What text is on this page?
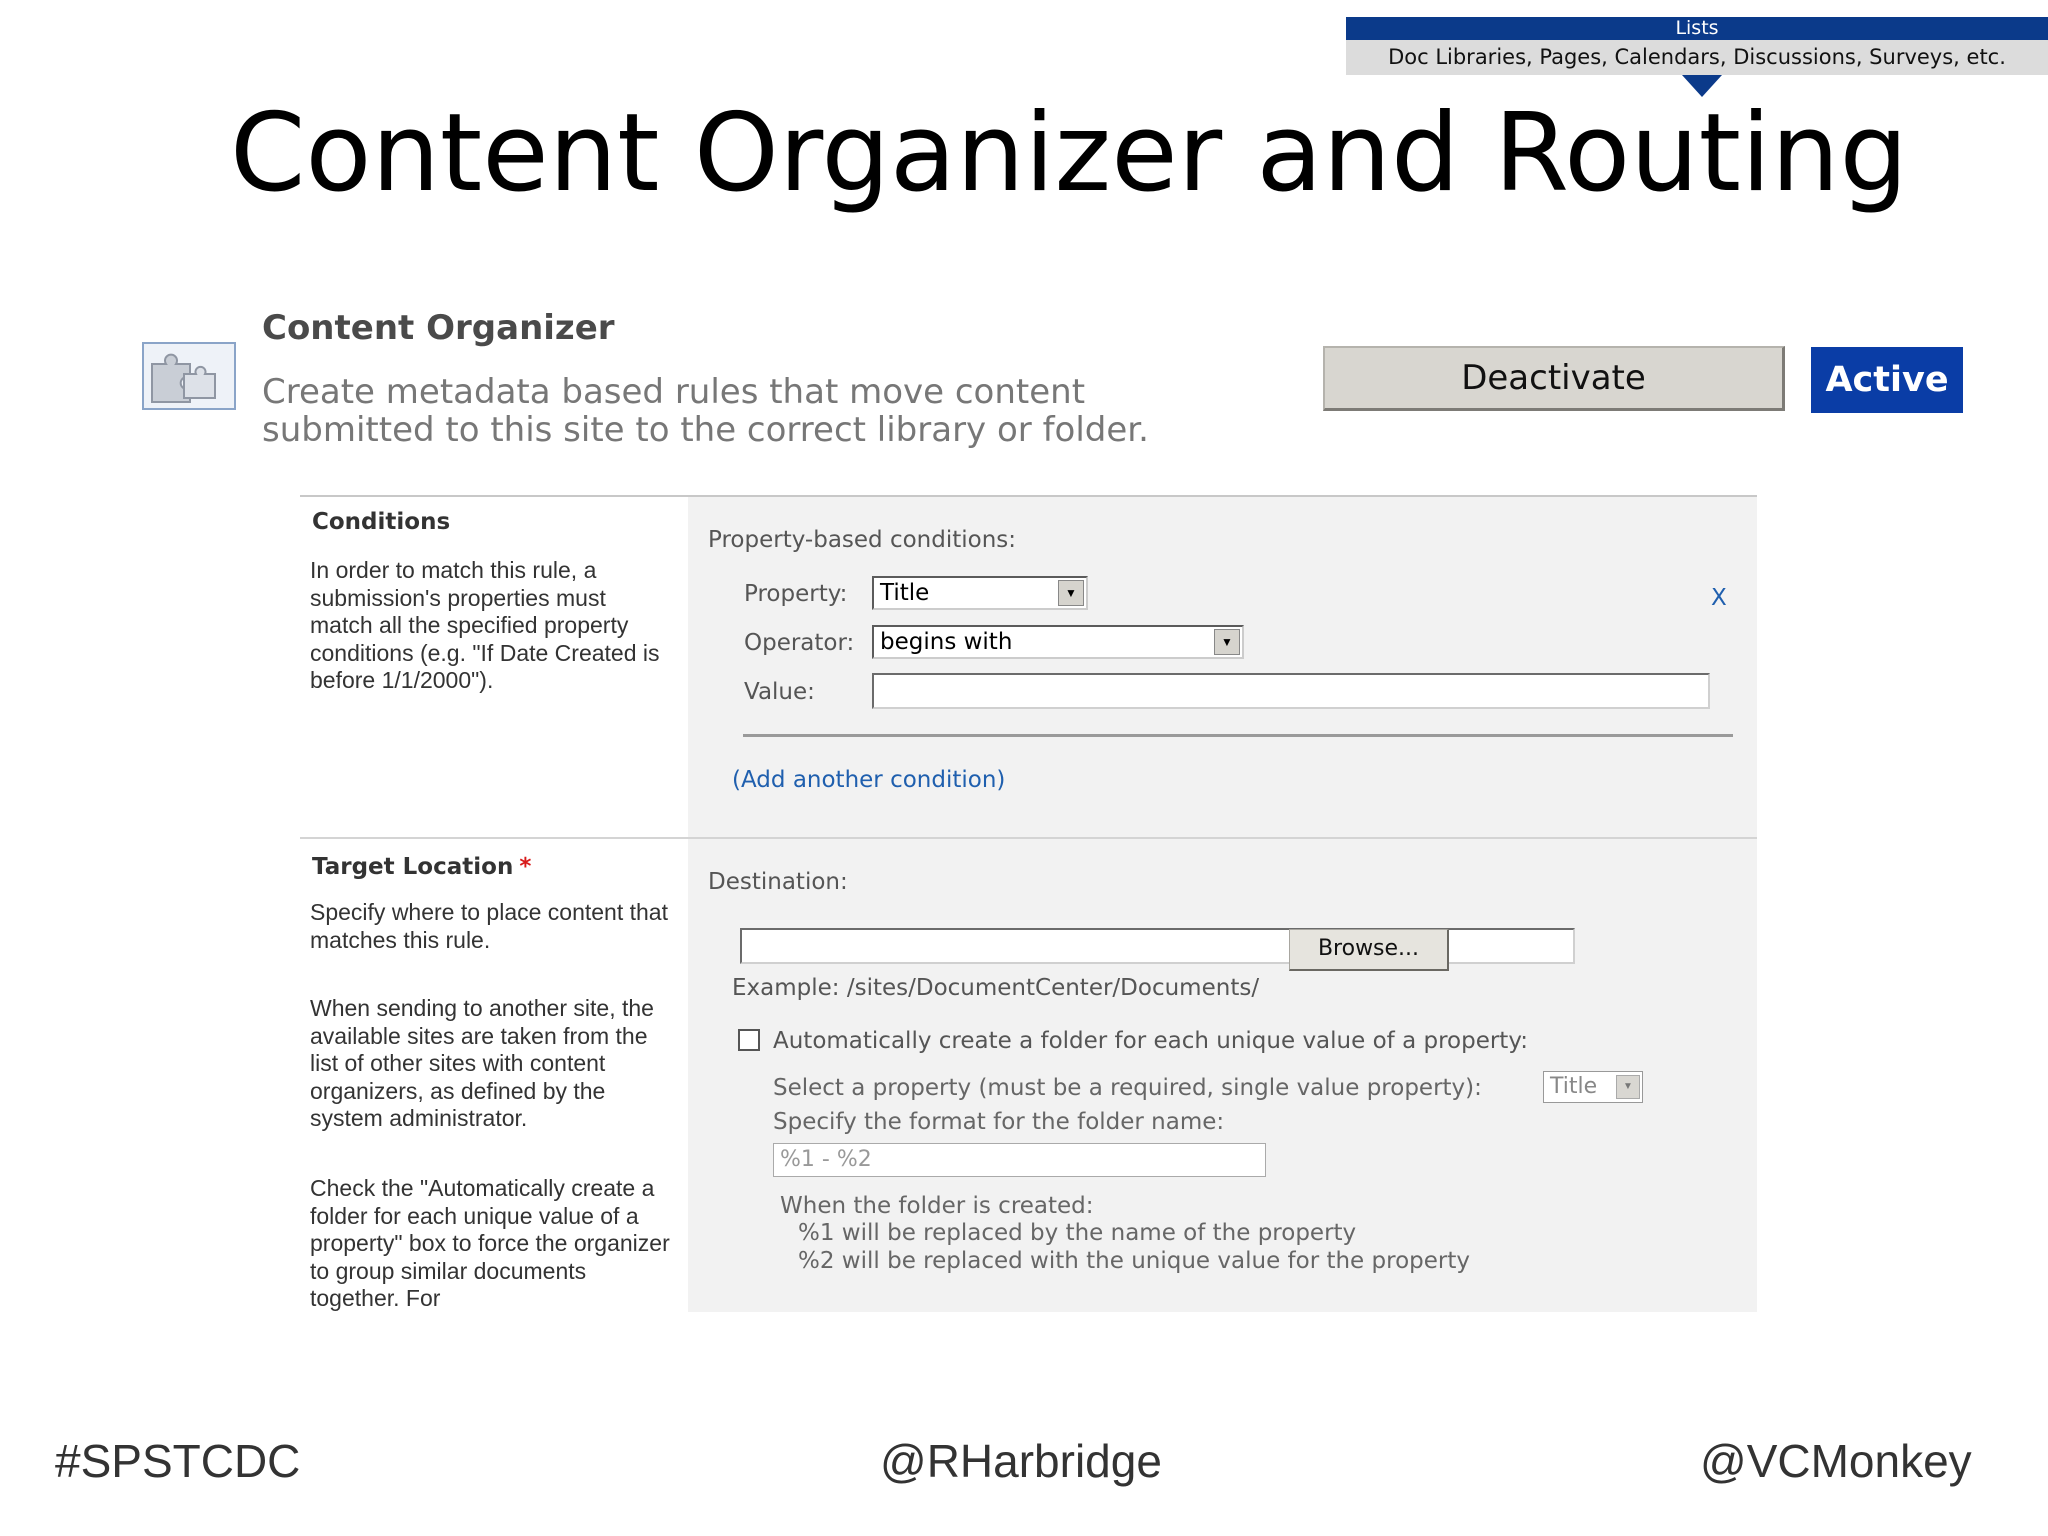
Lists
Doc Libraries, Pages, Calendars, Discussions, Surveys, etc.
Content Organizer and Routing
Content Organizer
Create metadata based rules that move content submitted to this site to the correct library or folder.
Deactivate	Active
Conditions
In order to match this rule, a submission's properties must match all the specified property conditions (e.g. "If Date Created is before 1/1/2000").
Property-based conditions:
Property: Title	▼	X
Operator: begins with	▼
Value:
(Add another condition)
Target Location *
Specify where to place content that matches this rule.
When sending to another site, the available sites are taken from the list of other sites with content organizers, as defined by the system administrator.
Check the "Automatically create a folder for each unique value of a property" box to force the organizer to group similar documents together. For
Destination:
Example: /sites/DocumentCenter/Documents/
Automatically create a folder for each unique value of a property:
Select a property (must be a required, single value property):	Title	▼
Specify the format for the folder name:
%1 - %2
When the folder is created:
%1 will be replaced by the name of the property
%2 will be replaced with the unique value for the property
Browse...
#SPSTCDC	@RHarbridge	@VCMonkey
